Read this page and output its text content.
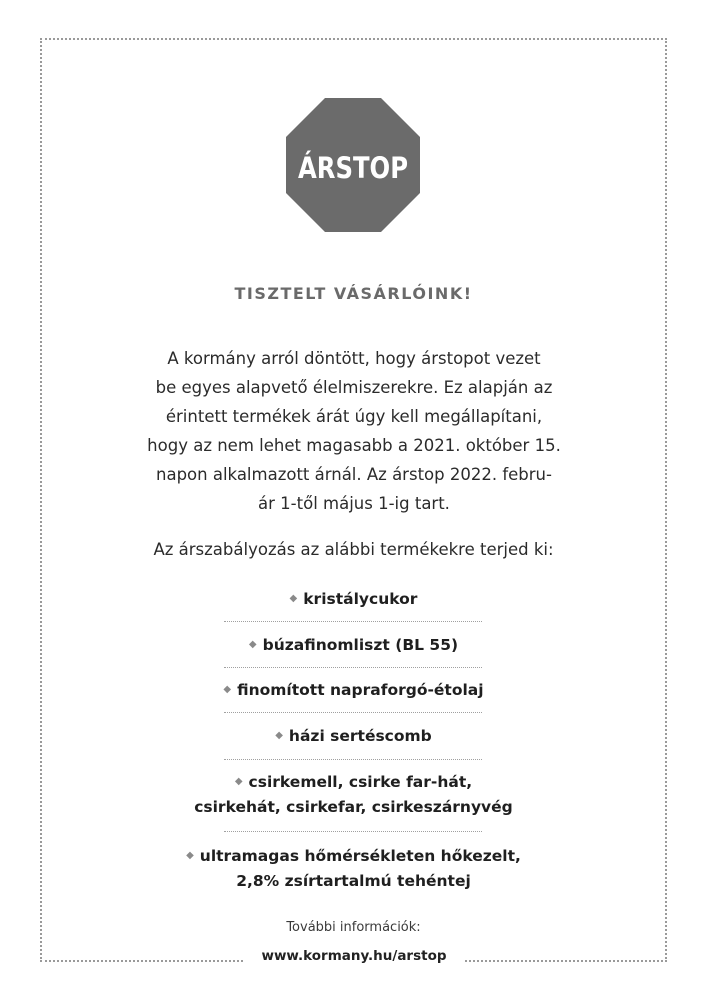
ÁRSTOP
TISZTELT VÁSÁRLÓINK!
A kormány arról döntött, hogy árstopot vezet
be egyes alapvető élelmiszerekre. Ez alapján az
érintett termékek árát úgy kell megállapítani,
hogy az nem lehet magasabb a 2021. október 15.
napon alkalmazott árnál. Az árstop 2022. febru-
ár 1-től május 1-ig tart.

Az árszabályozás az alábbi termékekre terjed ki:

◆ kristálycukor
◆ búzafinomliszt (BL 55)
◆ finomított napraforgó-étolaj
◆ házi sertéscomb
◆ csirkemell, csirke far-hát,
csirkehát, csirkefar, csirkeszárnyvég
◆ ultramagas hőmérsékleten hőkezelt,
2,8% zsírtartalmú tehéntej

További információk:

www.kormany.hu/arstop
